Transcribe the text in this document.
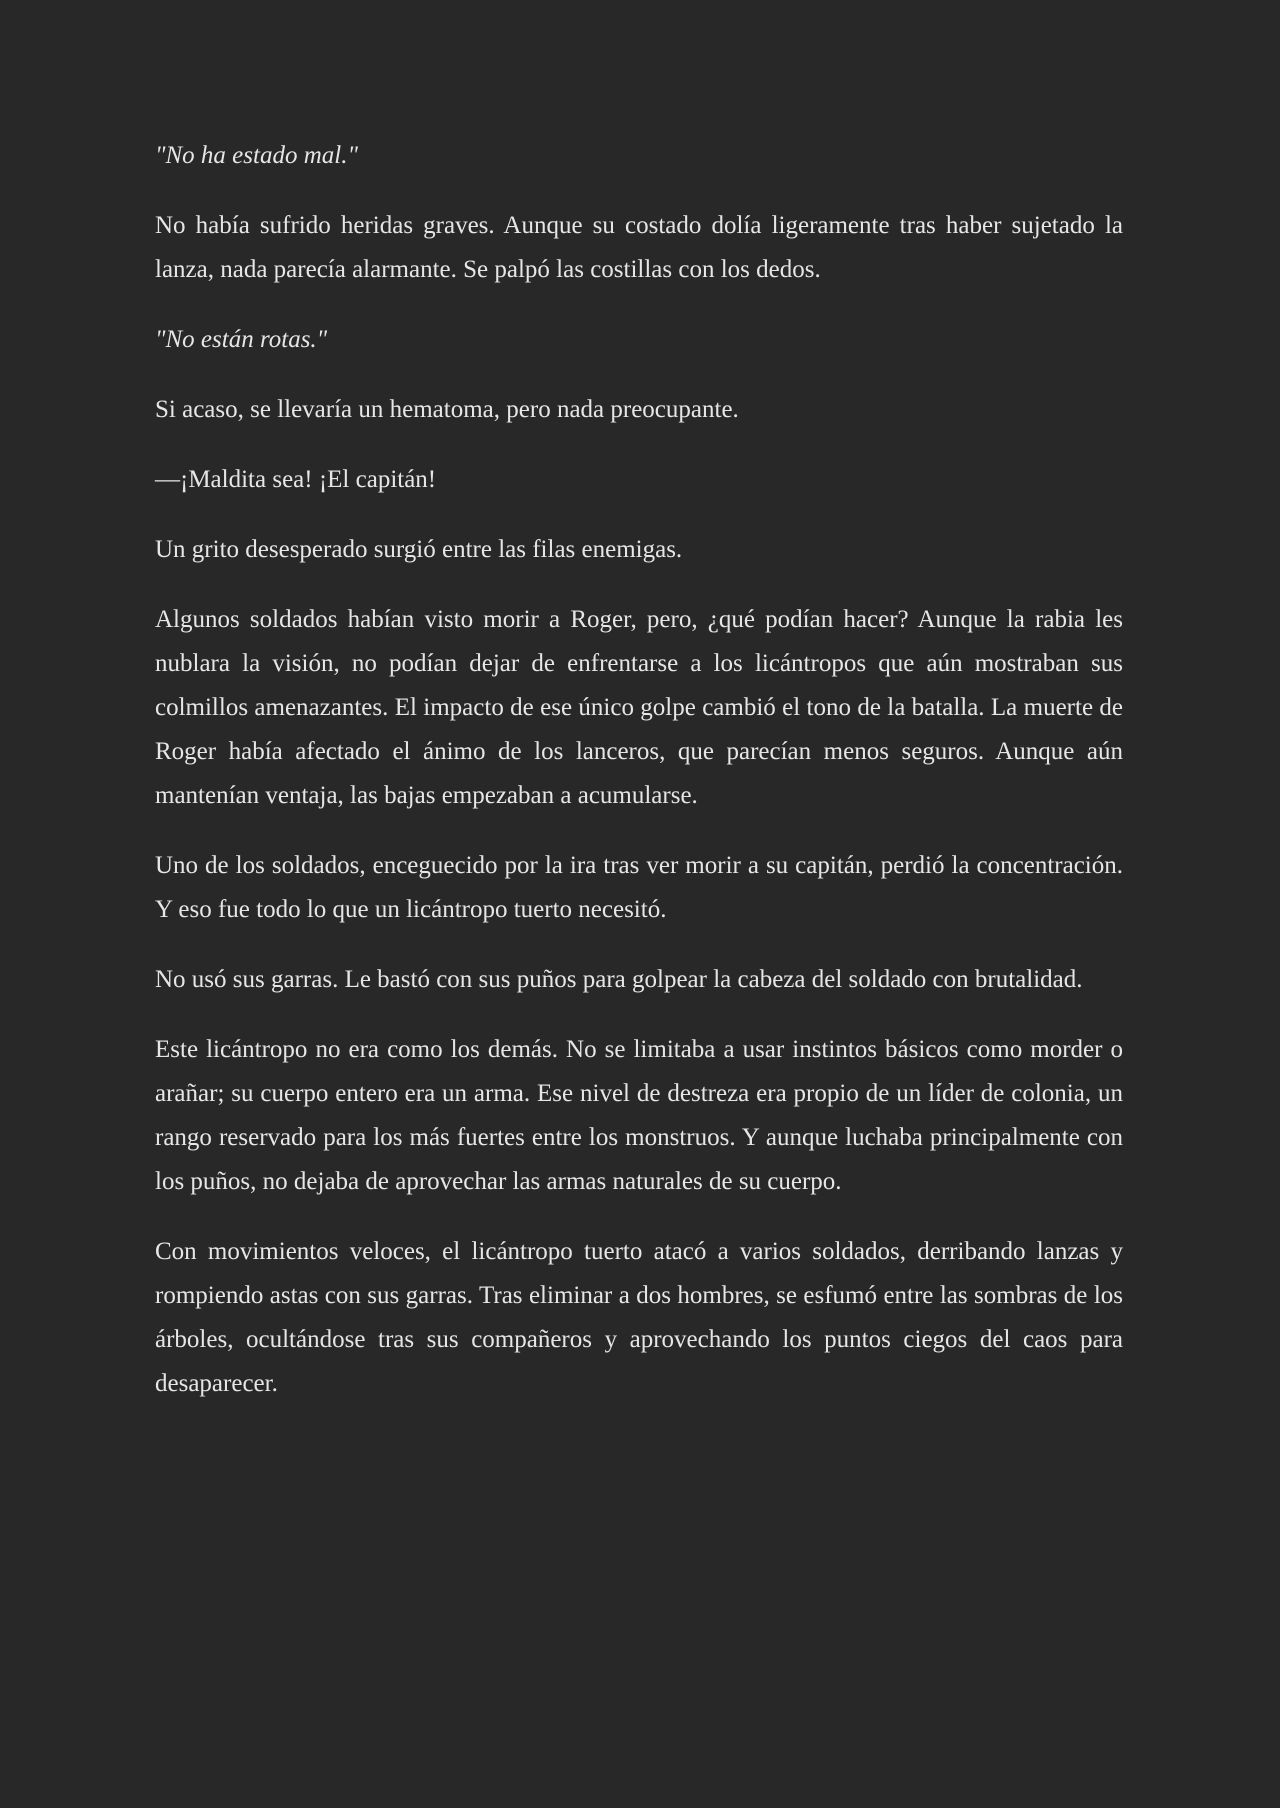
"No ha estado mal."

No había sufrido heridas graves. Aunque su costado dolía ligeramente tras haber sujetado la lanza, nada parecía alarmante. Se palpó las costillas con los dedos.

"No están rotas."

Si acaso, se llevaría un hematoma, pero nada preocupante.

—¡Maldita sea! ¡El capitán!

Un grito desesperado surgió entre las filas enemigas.

Algunos soldados habían visto morir a Roger, pero, ¿qué podían hacer? Aunque la rabia les nublara la visión, no podían dejar de enfrentarse a los licántropos que aún mostraban sus colmillos amenazantes. El impacto de ese único golpe cambió el tono de la batalla. La muerte de Roger había afectado el ánimo de los lanceros, que parecían menos seguros. Aunque aún mantenían ventaja, las bajas empezaban a acumularse.

Uno de los soldados, enceguecido por la ira tras ver morir a su capitán, perdió la concentración. Y eso fue todo lo que un licántropo tuerto necesitó.

No usó sus garras. Le bastó con sus puños para golpear la cabeza del soldado con brutalidad.

Este licántropo no era como los demás. No se limitaba a usar instintos básicos como morder o arañar; su cuerpo entero era un arma. Ese nivel de destreza era propio de un líder de colonia, un rango reservado para los más fuertes entre los monstruos. Y aunque luchaba principalmente con los puños, no dejaba de aprovechar las armas naturales de su cuerpo.

Con movimientos veloces, el licántropo tuerto atacó a varios soldados, derribando lanzas y rompiendo astas con sus garras. Tras eliminar a dos hombres, se esfumó entre las sombras de los árboles, ocultándose tras sus compañeros y aprovechando los puntos ciegos del caos para desaparecer.
